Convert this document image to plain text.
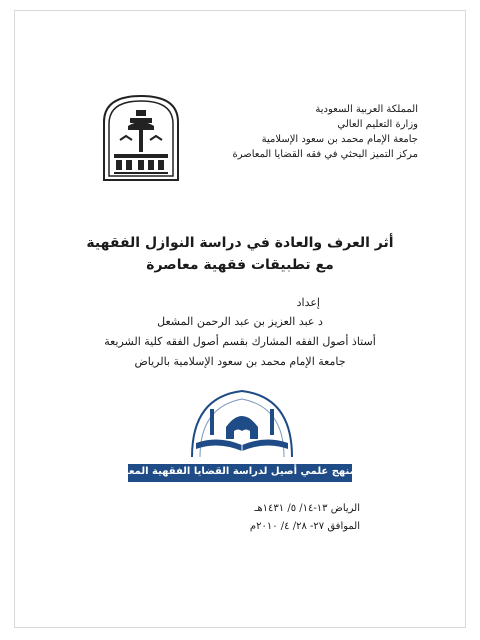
المملكة العربية السعودية
وزارة التعليم العالي
جامعة الإمام محمد بن سعود الإسلامية
مركز التميز البحثي في فقه القضايا المعاصرة
أثر العرف والعادة في دراسة النوازل الفقهية
مع تطبيقات فقهية معاصرة
إعداد
د عبد العزيز بن عبد الرحمن المشعل
أستاذ أصول الفقه المشارك بقسم أصول الفقه كلية الشريعة
جامعة الإمام محمد بن سعود الإسلامية بالرياض
نحو منهج علمي أصيل لدراسة القضايا الفقهية المعاصرة
الرياض ١٣-١٤/ ٥/ ١٤٣١هـ
الموافق ٢٧- ٢٨/ ٤/ ٢٠١٠م
